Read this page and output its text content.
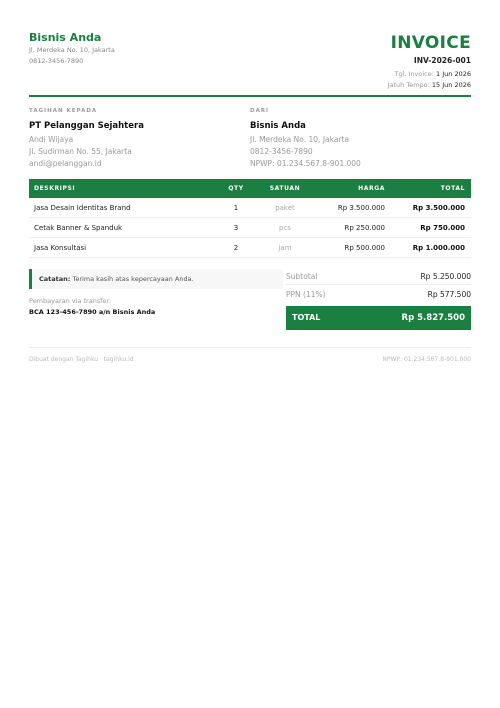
Bisnis Anda
Jl. Merdeka No. 10, Jakarta
0812-3456-7890
INVOICE
INV-2026-001
Tgl. Invoice: 1 Jun 2026
Jatuh Tempo: 15 Jun 2026
TAGIHAN KEPADA
PT Pelanggan Sejahtera
Andi Wijaya
Jl. Sudirman No. 55, Jakarta
andi@pelanggan.id
DARI
Bisnis Anda
Jl. Merdeka No. 10, Jakarta
0812-3456-7890
NPWP: 01.234.567.8-901.000
DESKRIPSI	QTY	SATUAN	HARGA	TOTAL
Jasa Desain Identitas Brand	1	paket	Rp 3.500.000	Rp 3.500.000
Cetak Banner & Spanduk	3	pcs	Rp 250.000	Rp 750.000
Jasa Konsultasi	2	jam	Rp 500.000	Rp 1.000.000
Catatan: Terima kasih atas kepercayaan Anda.
Pembayaran via transfer:
BCA 123-456-7890 a/n Bisnis Anda
Subtotal	Rp 5.250.000
PPN (11%)	Rp 577.500
TOTAL	Rp 5.827.500
Dibuat dengan Tagihku · tagihku.id	NPWP: 01.234.567.8-901.000
